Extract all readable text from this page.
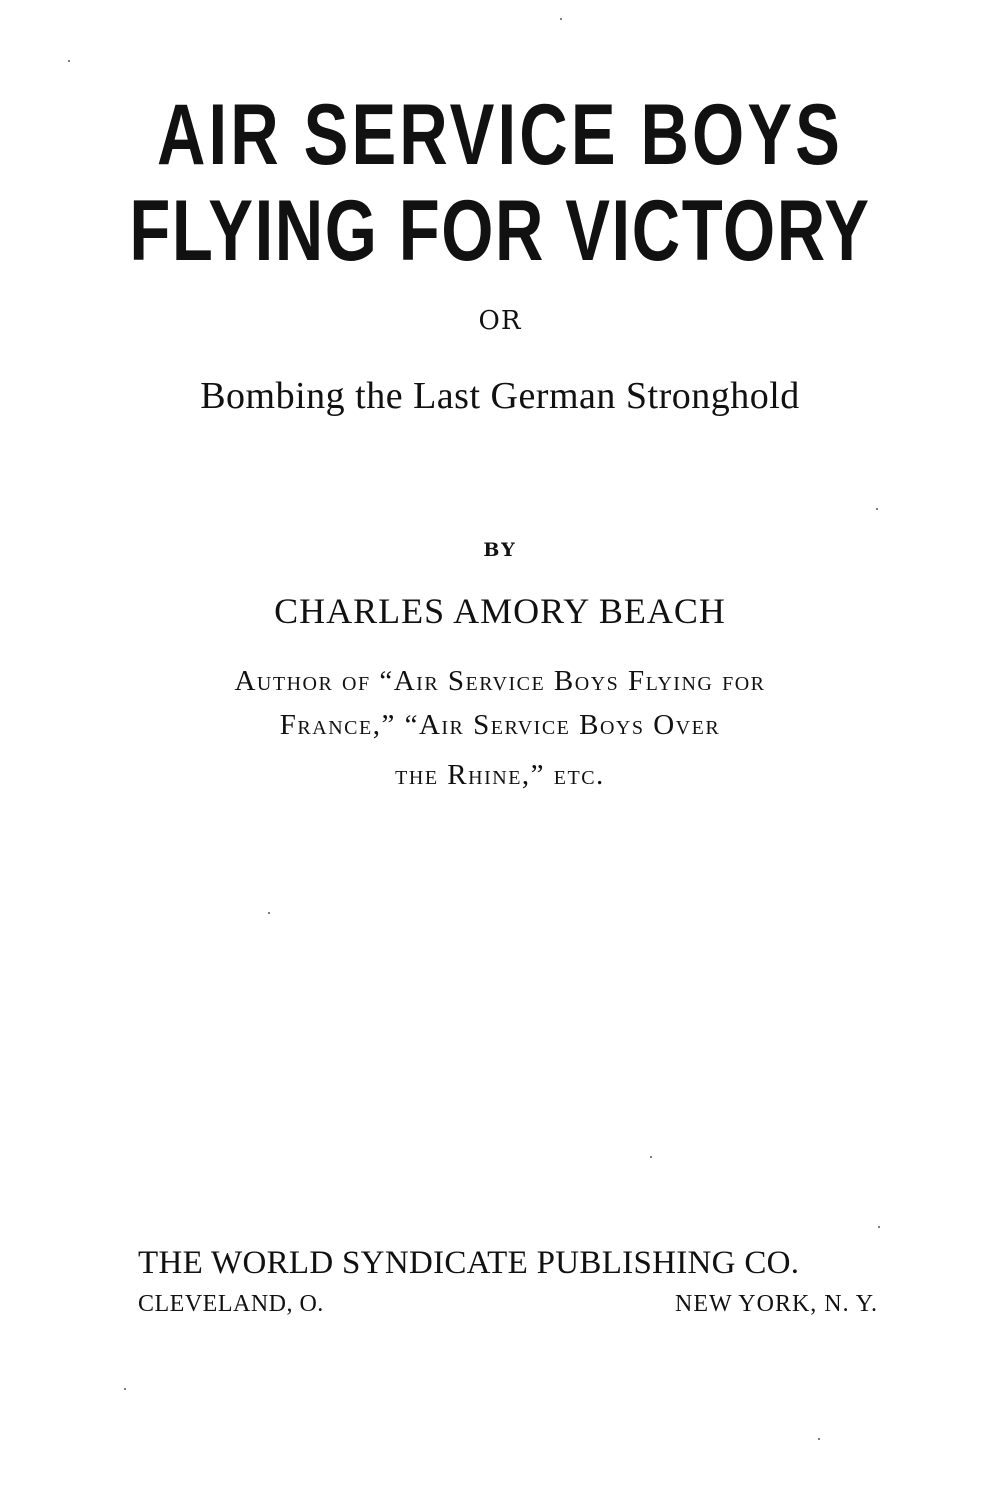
AIR SERVICE BOYS
FLYING FOR VICTORY
OR
Bombing the Last German Stronghold
BY
CHARLES AMORY BEACH
Author of “Air Service Boys Flying for
France,” “Air Service Boys Over
the Rhine,” etc.
THE WORLD SYNDICATE PUBLISHING CO.
CLEVELAND, O.	NEW YORK, N. Y.
